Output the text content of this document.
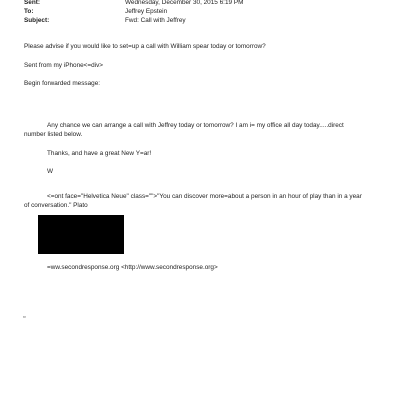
Sent:	Wednesday, December 30, 2015 6:19 PM
To:	Jeffrey Epstein
Subject:	Fwd: Call with Jeffrey
Please advise if you would like to set=up a call with William spear today or tomorrow?
Sent from my iPhone<=div>
Begin forwarded message:
Any chance we can arrange a call with Jeffrey today or tomorrow? I am i= my office all day today.....direct
number listed below.
Thanks, and have a great New Y=ar!
W
<=ont face="Helvetica Neue" class="">"You can discover more=about a person in an hour of play than in a year
of conversation." Plato
=ww.secondresponse.org <http://www.secondresponse.org>
▫
